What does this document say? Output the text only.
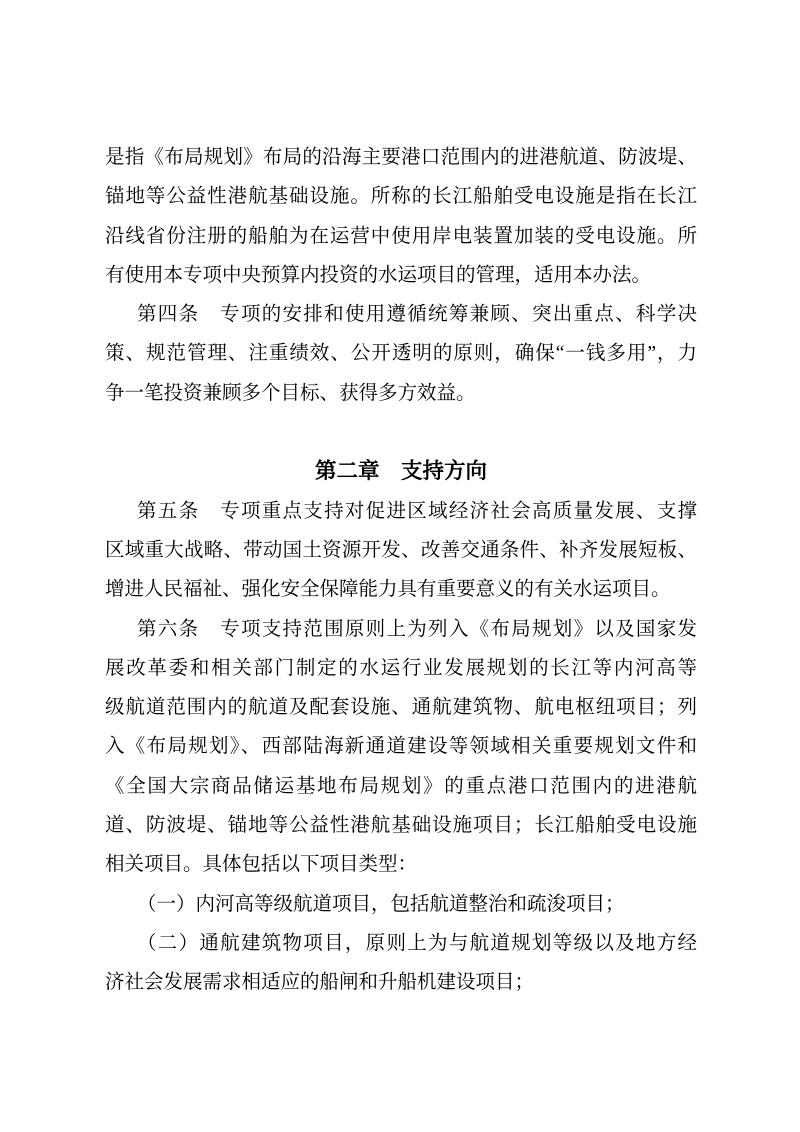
是指《布局规划》布局的沿海主要港口范围内的进港航道、防波堤、
锚地等公益性港航基础设施。所称的长江船舶受电设施是指在长江
沿线省份注册的船舶为在运营中使用岸电装置加装的受电设施。所
有使用本专项中央预算内投资的水运项目的管理，适用本办法。
第四条　专项的安排和使用遵循统筹兼顾、突出重点、科学决
策、规范管理、注重绩效、公开透明的原则，确保“一钱多用”，力
争一笔投资兼顾多个目标、获得多方效益。
第二章　支持方向
第五条　专项重点支持对促进区域经济社会高质量发展、支撑
区域重大战略、带动国土资源开发、改善交通条件、补齐发展短板、
增进人民福祉、强化安全保障能力具有重要意义的有关水运项目。
第六条　专项支持范围原则上为列入《布局规划》以及国家发
展改革委和相关部门制定的水运行业发展规划的长江等内河高等
级航道范围内的航道及配套设施、通航建筑物、航电枢纽项目；列
入《布局规划》、西部陆海新通道建设等领域相关重要规划文件和
《全国大宗商品储运基地布局规划》的重点港口范围内的进港航
道、防波堤、锚地等公益性港航基础设施项目；长江船舶受电设施
相关项目。具体包括以下项目类型：
（一）内河高等级航道项目，包括航道整治和疏浚项目；
（二）通航建筑物项目，原则上为与航道规划等级以及地方经
济社会发展需求相适应的船闸和升船机建设项目；
